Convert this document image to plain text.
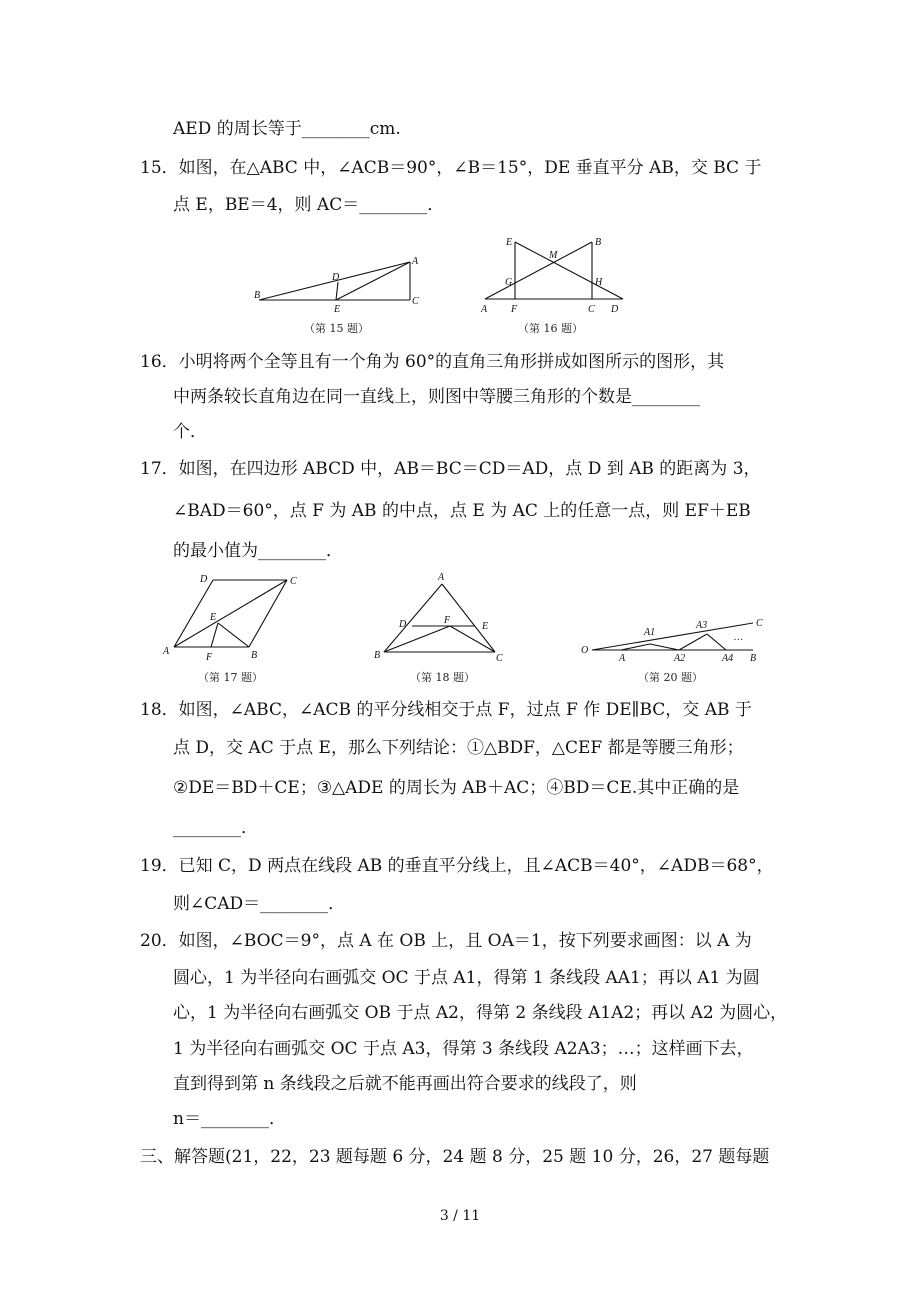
AED 的周长等于________cm.
15．如图，在△ABC 中，∠ACB＝90°，∠B＝15°，DE 垂直平分 AB，交 BC 于
点 E，BE＝4，则 AC＝________．
A
B
C
D
E
（第 15 题）
E	B
M
G	H
A F	C D
（第 16 题）
16．小明将两个全等且有一个角为 60°的直角三角形拼成如图所示的图形，其
中两条较长直角边在同一直线上，则图中等腰三角形的个数是________
个．
17．如图，在四边形 ABCD 中，AB＝BC＝CD＝AD，点 D 到 AB 的距离为 3，
∠BAD＝60°，点 F 为 AB 的中点，点 E 为 AC 上的任意一点，则 EF＋EB
的最小值为________．
D	C
E
A
F	B
（第 17 题）
A
D	F
E
B	C
（第 18 题）
C
A3
A1	…
O
A	A2	A4 B
（第 20 题）
18．如图，∠ABC，∠ACB 的平分线相交于点 F，过点 F 作 DE∥BC，交 AB 于
点 D，交 AC 于点 E，那么下列结论：①△BDF，△CEF 都是等腰三角形；
②DE＝BD＋CE；③△ADE 的周长为 AB＋AC；④BD＝CE.其中正确的是
________．
19．已知 C，D 两点在线段 AB 的垂直平分线上，且∠ACB＝40°，∠ADB＝68°，
则∠CAD＝________．
20．如图，∠BOC＝9°，点 A 在 OB 上，且 OA＝1，按下列要求画图：以 A 为
圆心，1 为半径向右画弧交 OC 于点 A1，得第 1 条线段 AA1；再以 A1 为圆
心，1 为半径向右画弧交 OB 于点 A2，得第 2 条线段 A1A2；再以 A2 为圆心，
1 为半径向右画弧交 OC 于点 A3，得第 3 条线段 A2A3；…；这样画下去，
直到得到第 n 条线段之后就不能再画出符合要求的线段了，则
n＝________．
三、解答题(21，22，23 题每题 6 分，24 题 8 分，25 题 10 分，26，27 题每题
3 / 11
